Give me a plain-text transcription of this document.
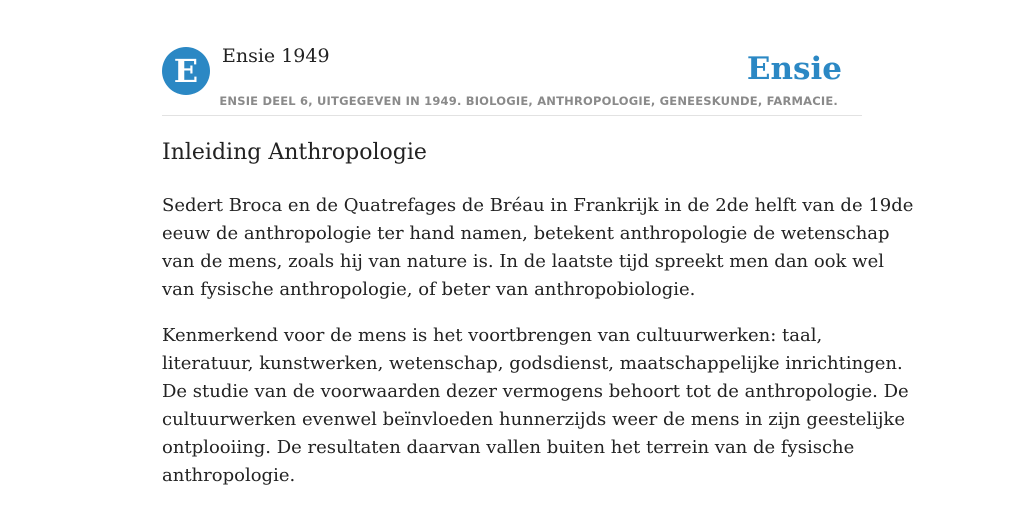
E	Ensie 1949	Ensie
ENSIE DEEL 6, UITGEGEVEN IN 1949. BIOLOGIE, ANTHROPOLOGIE, GENEESKUNDE, FARMACIE.
Inleiding Anthropologie

Sedert Broca en de Quatrefages de Bréau in Frankrijk in de 2de helft van de 19de
eeuw de anthropologie ter hand namen, betekent anthropologie de wetenschap
van de mens, zoals hij van nature is. In de laatste tijd spreekt men dan ook wel
van fysische anthropologie, of beter van anthropobiologie.

Kenmerkend voor de mens is het voortbrengen van cultuurwerken: taal,
literatuur, kunstwerken, wetenschap, godsdienst, maatschappelijke inrichtingen.
De studie van de voorwaarden dezer vermogens behoort tot de anthropologie. De
cultuurwerken evenwel beïnvloeden hunnerzijds weer de mens in zijn geestelijke
ontplooiing. De resultaten daarvan vallen buiten het terrein van de fysische
anthropologie.
